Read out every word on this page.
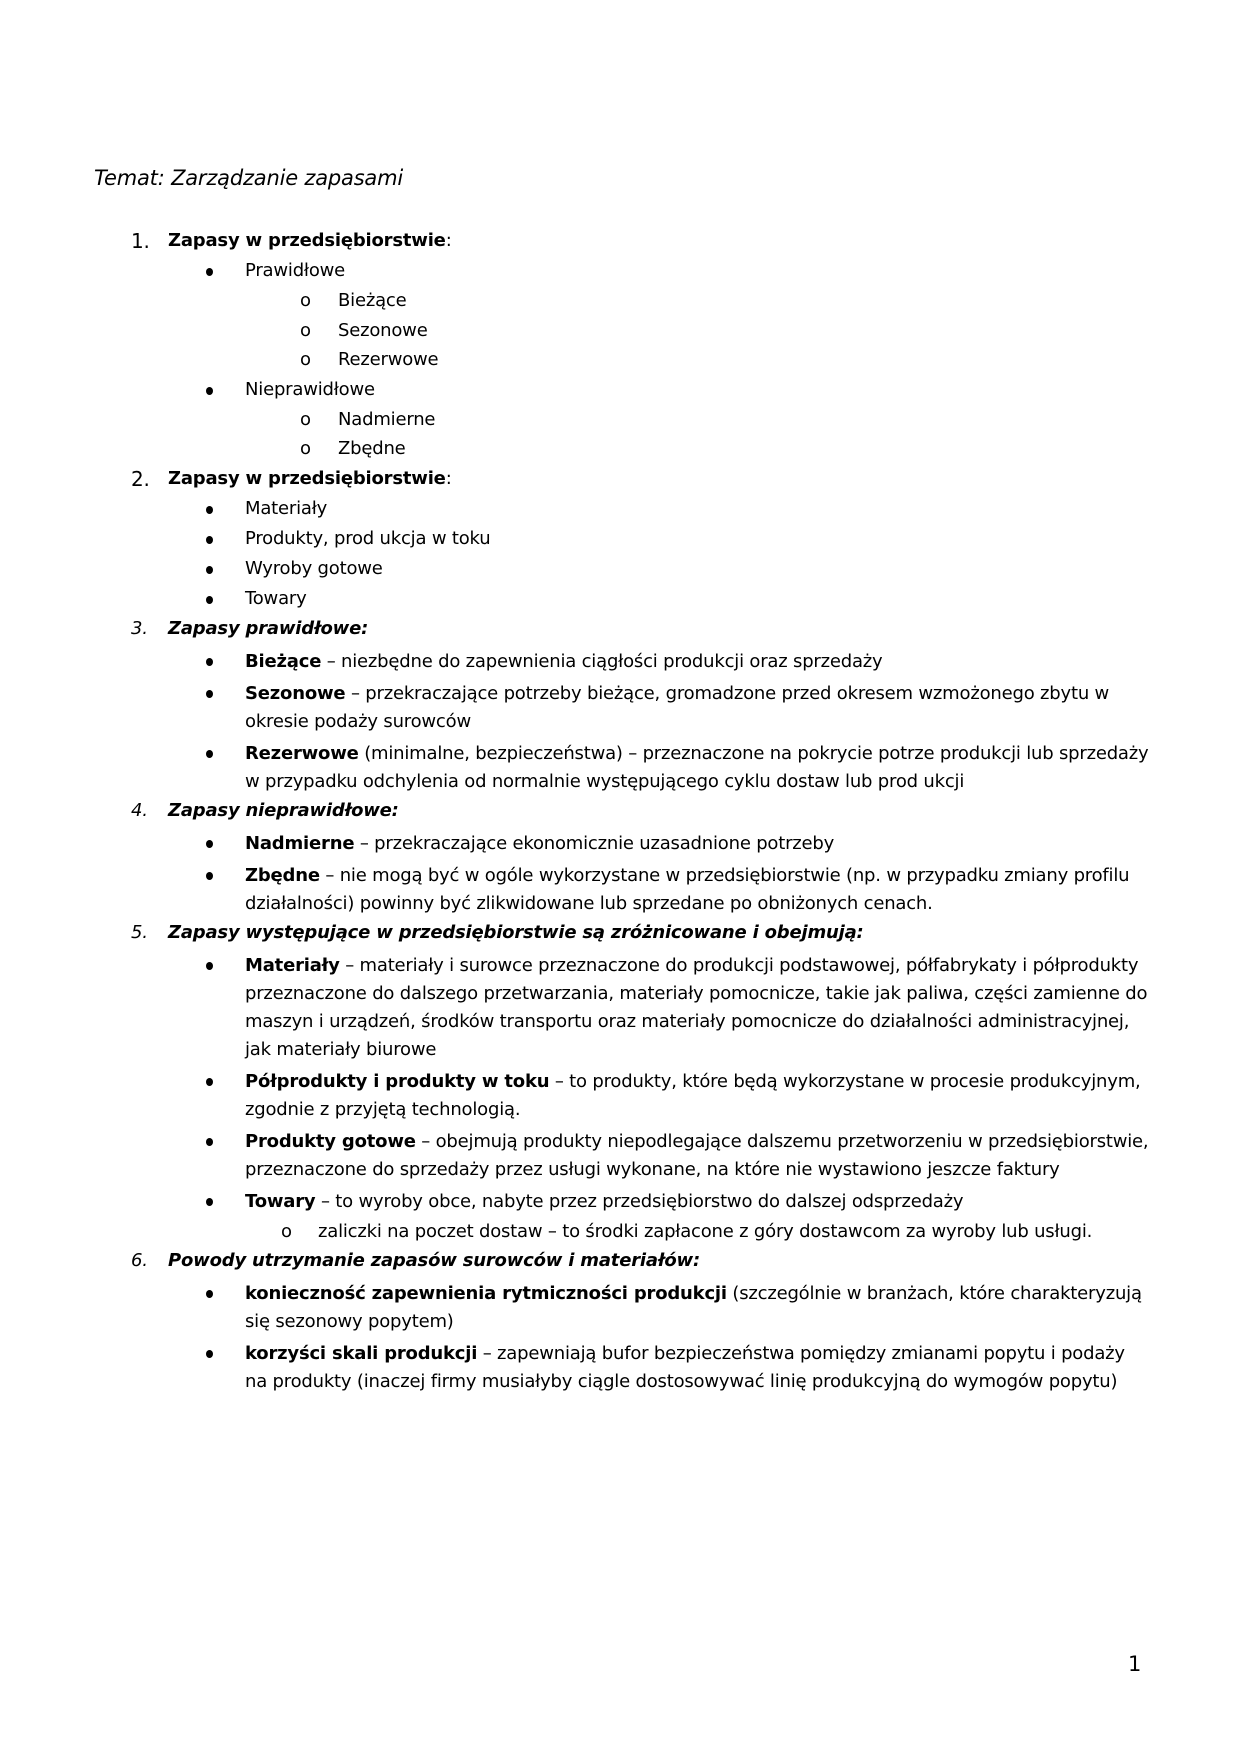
Temat: Zarządzanie zapasami
1. Zapasy w przedsiębiorstwie:
Prawidłowe
o Bieżące
o Sezonowe
o Rezerwowe
Nieprawidłowe
o Nadmierne
o Zbędne
2. Zapasy w przedsiębiorstwie:
Materiały
Produkty, prod ukcja w toku
Wyroby gotowe
Towary
3. Zapasy prawidłowe:
Bieżące – niezbędne do zapewnienia ciągłości produkcji oraz sprzedaży
Sezonowe – przekraczające potrzeby bieżące, gromadzone przed okresem wzmożonego zbytu w okresie podaży surowców
Rezerwowe (minimalne, bezpieczeństwa) – przeznaczone na pokrycie potrze produkcji lub sprzedaży w przypadku odchylenia od normalnie występującego cyklu dostaw lub prod ukcji
4. Zapasy nieprawidłowe:
Nadmierne – przekraczające ekonomicznie uzasadnione potrzeby
Zbędne – nie mogą być w ogóle wykorzystane w przedsiębiorstwie (np. w przypadku zmiany profilu działalności) powinny być zlikwidowane lub sprzedane po obniżonych cenach.
5. Zapasy występujące w przedsiębiorstwie są zróżnicowane i obejmują:
Materiały – materiały i surowce przeznaczone do produkcji podstawowej, półfabrykaty i półprodukty przeznaczone do dalszego przetwarzania, materiały pomocnicze, takie jak paliwa, części zamienne do maszyn i urządzeń, środków transportu oraz materiały pomocnicze do działalności administracyjnej, jak materiały biurowe
Półprodukty i produkty w toku – to produkty, które będą wykorzystane w procesie produkcyjnym, zgodnie z przyjętą technologią.
Produkty gotowe – obejmują produkty niepodlegające dalszemu przetworzeniu w przedsiębiorstwie, przeznaczone do sprzedaży przez usługi wykonane, na które nie wystawiono jeszcze faktury
Towary – to wyroby obce, nabyte przez przedsiębiorstwo do dalszej odsprzedaży
o zaliczki na poczet dostaw – to środki zapłacone z góry dostawcom za wyroby lub usługi.
6. Powody utrzymanie zapasów surowców i materiałów:
konieczność zapewnienia rytmiczności produkcji (szczególnie w branżach, które charakteryzują się sezonowy popytem)
korzyści skali produkcji – zapewniają bufor bezpieczeństwa pomiędzy zmianami popytu i podaży na produkty (inaczej firmy musiałyby ciągle dostosowywać linię produkcyjną do wymogów popytu)
1
